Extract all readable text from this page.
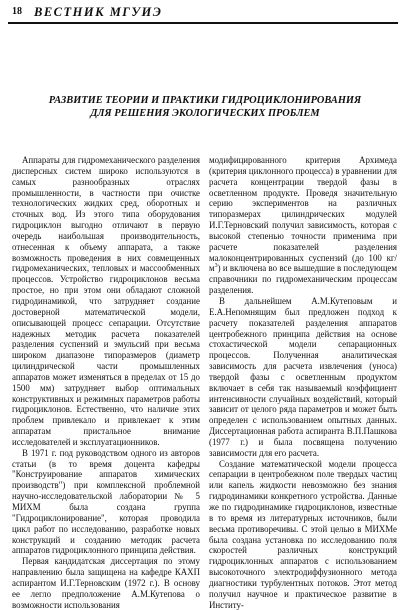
18 ВЕСТНИК МГУИЭ
РАЗВИТИЕ ТЕОРИИ И ПРАКТИКИ ГИДРОЦИКЛОНИРОВАНИЯ
ДЛЯ РЕШЕНИЯ ЭКОЛОГИЧЕСКИХ ПРОБЛЕМ

Аппараты для гидромеханического разделения дисперсных систем широко используются в самых разнообразных отраслях промышленности, в частности при очистке технологических жидких сред, оборотных и сточных вод. Из этого типа оборудования гидроциклон выгодно отличают в первую очередь наибольшая производительность, отнесенная к объему аппарата, а также возможность проведения в них совмещенных гидромеханических, тепловых и массообменных процессов. Устройство гидроциклонов весьма простое, но при этом они обладают сложной гидродинамикой, что затрудняет создание достоверной математической модели, описывающей процесс сепарации. Отсутствие надежных методик расчета показателей разделения суспензий и эмульсий при весьма широком диапазоне типоразмеров (диаметр цилиндрической части промышленных аппаратов может изменяться в пределах от 15 до 1500 мм) затрудняет выбор оптимальных конструктивных и режимных параметров работы гидроциклонов. Естественно, что наличие этих проблем привлекало и привлекает к этим аппаратам пристальное внимание исследователей и эксплуатационников.

В 1971 г. под руководством одного из авторов статьи (в то время доцента кафедры "Конструирование аппаратов химических производств") при комплексной проблемной научно-исследовательской лаборатории № 5 МИХМ была создана группа "Гидроциклонирование", которая проводила цикл работ по исследованию, разработке новых конструкций и созданию методик расчета аппаратов гидроциклонного принципа действия.

Первая кандидатская диссертация по этому направлению была защищена на кафедре КАХП аспирантом И.Г.Терновским (1972 г.). В основу ее легло предположение А.М.Кутепова о возможности использования

модифицированного критерия Архимеда (критерия циклонного процесса) в уравнении для расчета концентрации твердой фазы в осветленном продукте. Проведя значительную серию экспериментов на различных типоразмерах цилиндрических модулей И.Г.Терновский получил зависимость, которая с высокой степенью точности применима при расчете показателей разделения малоконцентрированных суспензий (до 100 $кг/м^3$) и включена во все вышедшие в последующем справочники по гидромеханическим процессам разделения.

В дальнейшем А.М.Кутеповым и Е.А.Непомнящим был предложен подход к расчету показателей разделения аппаратов центробежного принципа действия на основе стохастической модели сепарационных процессов. Полученная аналитическая зависимость для расчета извлечения (уноса) твердой фазы с осветленным продуктом включает в себя так называемый коэффициент интенсивности случайных воздействий, который зависит от целого ряда параметров и может быть определен с использованием опытных данных. Диссертационная работа аспиранта В.П.Пашкова (1977 г.) и была посвящена получению зависимости для его расчета.

Создание математической модели процесса сепарации в центробежном поле твердых частиц или капель жидкости невозможно без знания гидродинамики конкретного устройства. Данные же по гидродинамике гидроциклонов, известные в то время из литературных источников, были весьма противоречивы. С этой целью в МИХМе была создана установка по исследованию поля скоростей различных конструкций гидроциклонных аппаратов с использованием высокоточного электродиффузионного метода диагностики турбулентных потоков. Этот метод получил научное и практическое развитие в Институ-
